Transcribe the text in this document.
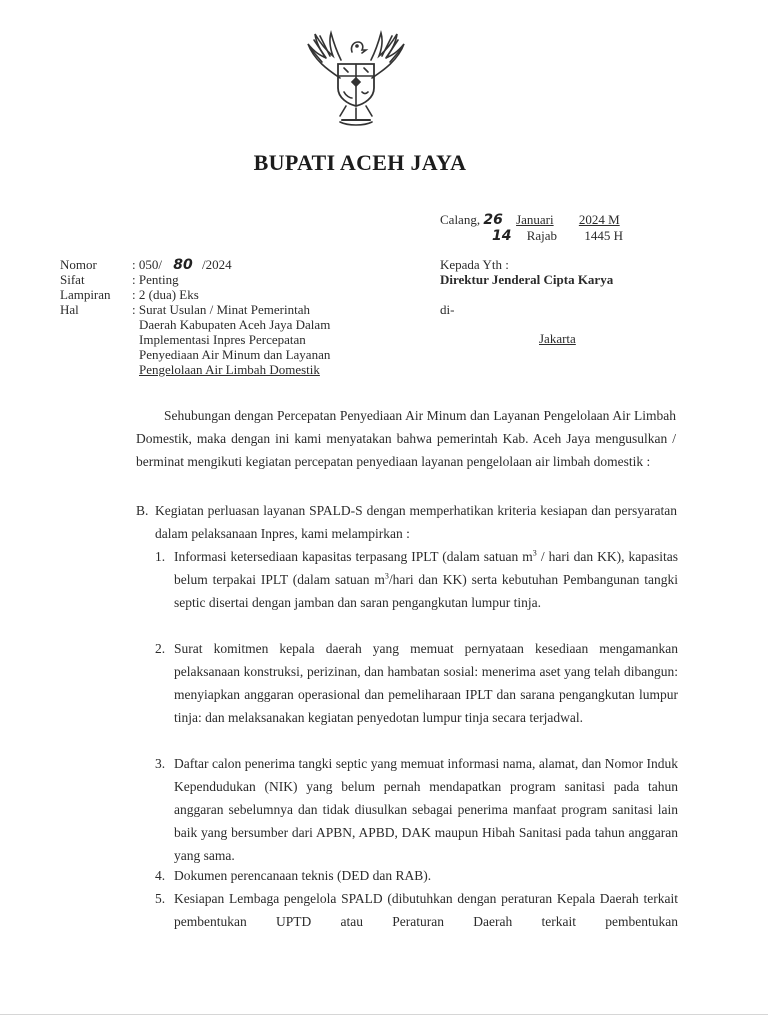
BUPATI ACEH JAYA
Calang, 26 Januari 2024 M
14 Rajab 1445 H
Nomor	: 050/ 80 /2024
Sifat	: Penting
Lampiran : 2 (dua) Eks
Hal	: Surat Usulan / Minat Pemerintah
Daerah Kabupaten Aceh Jaya Dalam
Implementasi Inpres Percepatan
Penyediaan Air Minum dan Layanan
Pengelolaan Air Limbah Domestik
Kepada Yth :
Direktur Jenderal Cipta Karya
di-
Jakarta
Sehubungan dengan Percepatan Penyediaan Air Minum dan Layanan Pengelolaan Air Limbah Domestik, maka dengan ini kami menyatakan bahwa pemerintah Kab. Aceh Jaya mengusulkan / berminat mengikuti kegiatan percepatan penyediaan layanan pengelolaan air limbah domestik :
B. Kegiatan perluasan layanan SPALD-S dengan memperhatikan kriteria kesiapan dan persyaratan dalam pelaksanaan Inpres, kami melampirkan :
1. Informasi ketersediaan kapasitas terpasang IPLT (dalam satuan $m^3$ / hari dan KK), kapasitas belum terpakai IPLT (dalam satuan $m^3$/hari dan KK) serta kebutuhan Pembangunan tangki septic disertai dengan jamban dan saran pengangkutan lumpur tinja.
2. Surat komitmen kepala daerah yang memuat pernyataan kesediaan mengamankan pelaksanaan konstruksi, perizinan, dan hambatan sosial: menerima aset yang telah dibangun: menyiapkan anggaran operasional dan pemeliharaan IPLT dan sarana pengangkutan lumpur tinja: dan melaksanakan kegiatan penyedotan lumpur tinja secara terjadwal.
3. Daftar calon penerima tangki septic yang memuat informasi nama, alamat, dan Nomor Induk Kependudukan (NIK) yang belum pernah mendapatkan program sanitasi pada tahun anggaran sebelumnya dan tidak diusulkan sebagai penerima manfaat program sanitasi lain baik yang bersumber dari APBN, APBD, DAK maupun Hibah Sanitasi pada tahun anggaran yang sama.
4. Dokumen perencanaan teknis (DED dan RAB).
5. Kesiapan Lembaga pengelola SPALD (dibutuhkan dengan peraturan Kepala Daerah terkait pembentukan UPTD atau Peraturan Daerah terkait pembentukan
